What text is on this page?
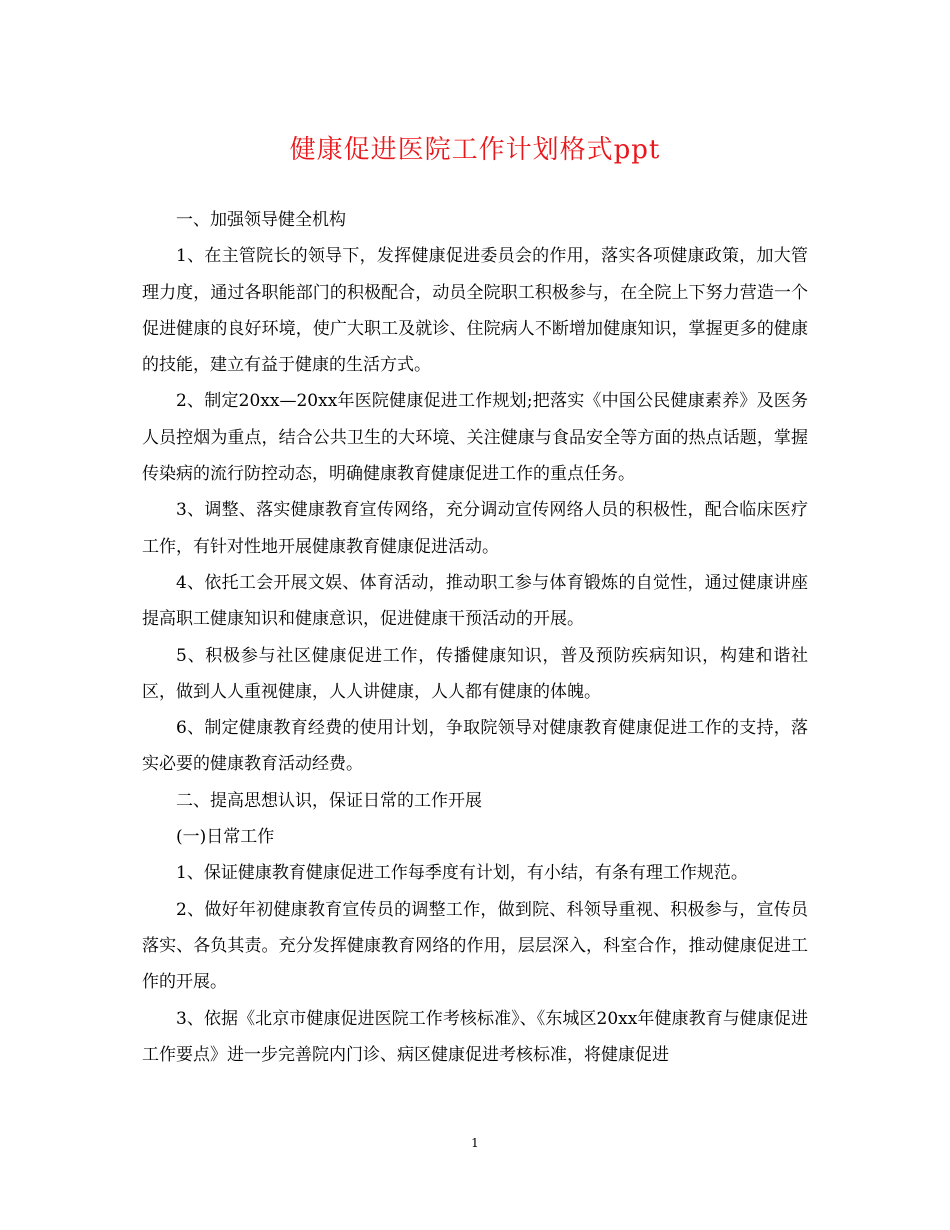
健康促进医院工作计划格式ppt

一、加强领导健全机构

1、在主管院长的领导下，发挥健康促进委员会的作用，落实各项健康政策，加大管理力度，通过各职能部门的积极配合，动员全院职工积极参与，在全院上下努力营造一个促进健康的良好环境，使广大职工及就诊、住院病人不断增加健康知识，掌握更多的健康的技能，建立有益于健康的生活方式。

2、制定20xx—20xx年医院健康促进工作规划;把落实《中国公民健康素养》及医务人员控烟为重点，结合公共卫生的大环境、关注健康与食品安全等方面的热点话题，掌握传染病的流行防控动态，明确健康教育健康促进工作的重点任务。

3、调整、落实健康教育宣传网络，充分调动宣传网络人员的积极性，配合临床医疗工作，有针对性地开展健康教育健康促进活动。

4、依托工会开展文娱、体育活动，推动职工参与体育锻炼的自觉性，通过健康讲座提高职工健康知识和健康意识，促进健康干预活动的开展。

5、积极参与社区健康促进工作，传播健康知识，普及预防疾病知识，构建和谐社区，做到人人重视健康，人人讲健康，人人都有健康的体魄。

6、制定健康教育经费的使用计划，争取院领导对健康教育健康促进工作的支持，落实必要的健康教育活动经费。

二、提高思想认识，保证日常的工作开展

(一)日常工作

1、保证健康教育健康促进工作每季度有计划，有小结，有条有理工作规范。

2、做好年初健康教育宣传员的调整工作，做到院、科领导重视、积极参与，宣传员落实、各负其责。充分发挥健康教育网络的作用，层层深入，科室合作，推动健康促进工作的开展。

3、依据《北京市健康促进医院工作考核标准》、《东城区20xx年健康教育与健康促进工作要点》进一步完善院内门诊、病区健康促进考核标准，将健康促进

1
